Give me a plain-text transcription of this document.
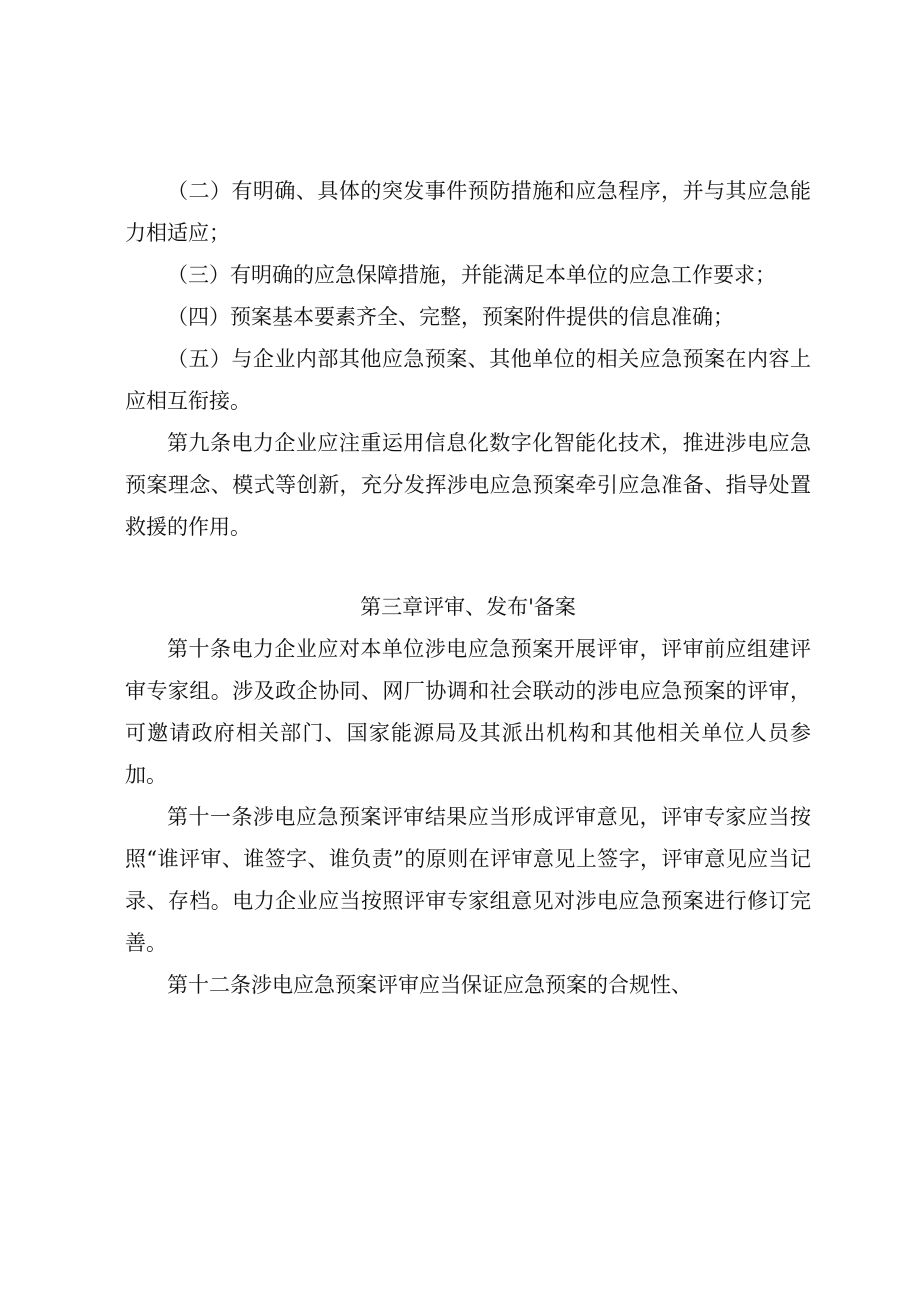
（二）有明确、具体的突发事件预防措施和应急程序，并与其应急能力相适应；

（三）有明确的应急保障措施，并能满足本单位的应急工作要求；

（四）预案基本要素齐全、完整，预案附件提供的信息准确；

（五）与企业内部其他应急预案、其他单位的相关应急预案在内容上应相互衔接。

第九条电力企业应注重运用信息化数字化智能化技术，推进涉电应急预案理念、模式等创新，充分发挥涉电应急预案牵引应急准备、指导处置救援的作用。

第三章评审、发布'备案

第十条电力企业应对本单位涉电应急预案开展评审，评审前应组建评审专家组。涉及政企协同、网厂协调和社会联动的涉电应急预案的评审，可邀请政府相关部门、国家能源局及其派出机构和其他相关单位人员参加。

第十一条涉电应急预案评审结果应当形成评审意见，评审专家应当按照“谁评审、谁签字、谁负责”的原则在评审意见上签字，评审意见应当记录、存档。电力企业应当按照评审专家组意见对涉电应急预案进行修订完善。

第十二条涉电应急预案评审应当保证应急预案的合规性、
